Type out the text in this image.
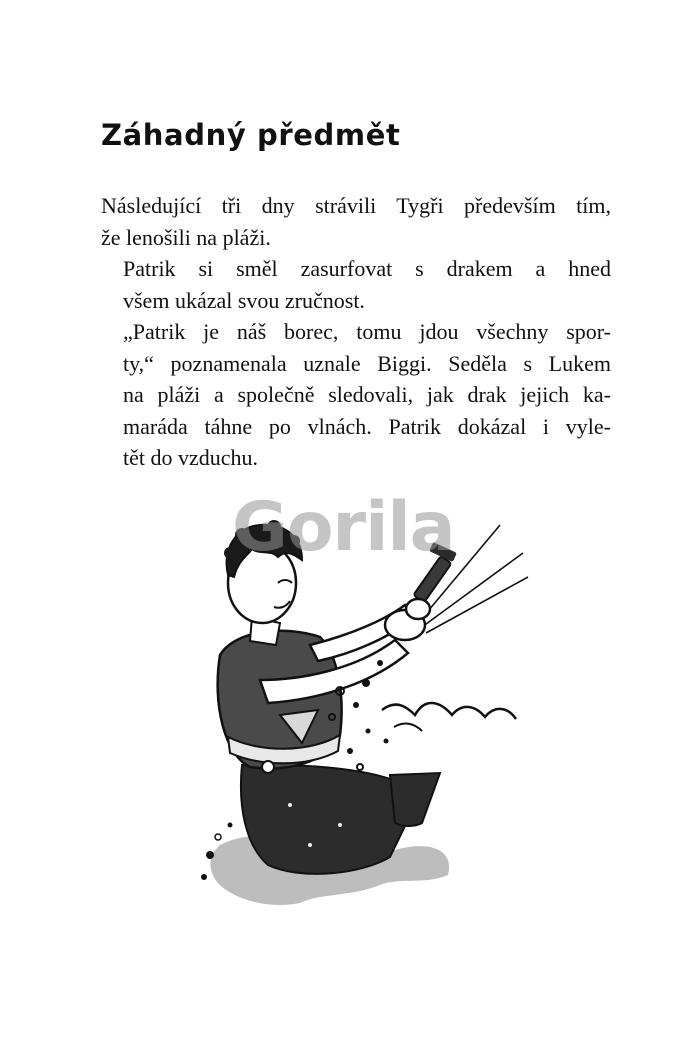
Záhadný předmět

Následující tři dny strávili Tygři především tím,
že lenošili na pláži.

Patrik si směl zasurfovat s drakem a hned
všem ukázal svou zručnost.

„Patrik je náš borec, tomu jdou všechny spor-
ty,“ poznamenala uznale Biggi. Seděla s Lukem
na pláži a společně sledovali, jak drak jejich ka-
maráda táhne po vlnách. Patrik dokázal i vyle-
tět do vzduchu.

Gorila
